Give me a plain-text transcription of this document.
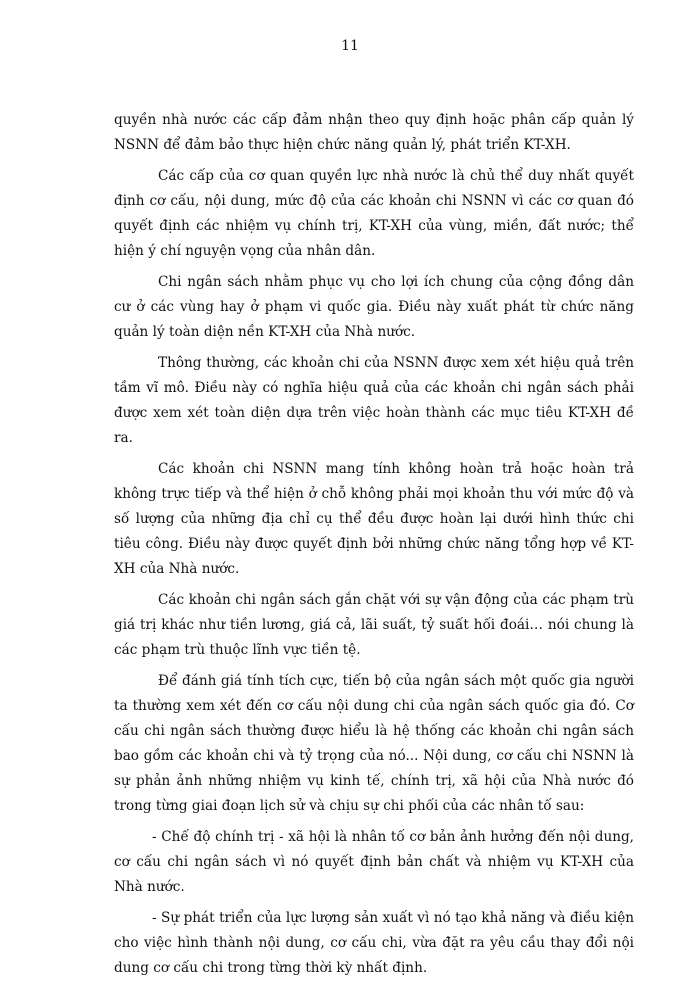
11

quyền nhà nước các cấp đảm nhận theo quy định hoặc phân cấp quản lý NSNN để đảm bảo thực hiện chức năng quản lý, phát triển KT-XH.

Các cấp của cơ quan quyền lực nhà nước là chủ thể duy nhất quyết định cơ cấu, nội dung, mức độ của các khoản chi NSNN vì các cơ quan đó quyết định các nhiệm vụ chính trị, KT-XH của vùng, miền, đất nước; thể hiện ý chí nguyện vọng của nhân dân.

Chi ngân sách nhằm phục vụ cho lợi ích chung của cộng đồng dân cư ở các vùng hay ở phạm vi quốc gia. Điều này xuất phát từ chức năng quản lý toàn diện nền KT-XH của Nhà nước.

Thông thường, các khoản chi của NSNN được xem xét hiệu quả trên tầm vĩ mô. Điều này có nghĩa hiệu quả của các khoản chi ngân sách phải được xem xét toàn diện dựa trên việc hoàn thành các mục tiêu KT-XH đề ra.

Các khoản chi NSNN mang tính không hoàn trả hoặc hoàn trả không trực tiếp và thể hiện ở chỗ không phải mọi khoản thu với mức độ và số lượng của những địa chỉ cụ thể đều được hoàn lại dưới hình thức chi tiêu công. Điều này được quyết định bởi những chức năng tổng hợp về KT-XH của Nhà nước.

Các khoản chi ngân sách gắn chặt với sự vận động của các phạm trù giá trị khác như tiền lương, giá cả, lãi suất, tỷ suất hối đoái… nói chung là các phạm trù thuộc lĩnh vực tiền tệ.

Để đánh giá tính tích cực, tiến bộ của ngân sách một quốc gia người ta thường xem xét đến cơ cấu nội dung chi của ngân sách quốc gia đó. Cơ cấu chi ngân sách thường được hiểu là hệ thống các khoản chi ngân sách bao gồm các khoản chi và tỷ trọng của nó... Nội dung, cơ cấu chi NSNN là sự phản ảnh những nhiệm vụ kinh tế, chính trị, xã hội của Nhà nước đó trong từng giai đoạn lịch sử và chịu sự chi phối của các nhân tố sau:

- Chế độ chính trị - xã hội là nhân tố cơ bản ảnh hưởng đến nội dung, cơ cấu chi ngân sách vì nó quyết định bản chất và nhiệm vụ KT-XH của Nhà nước.

- Sự phát triển của lực lượng sản xuất vì nó tạo khả năng và điều kiện cho việc hình thành nội dung, cơ cấu chi, vừa đặt ra yêu cầu thay đổi nội dung cơ cấu chi trong từng thời kỳ nhất định.
